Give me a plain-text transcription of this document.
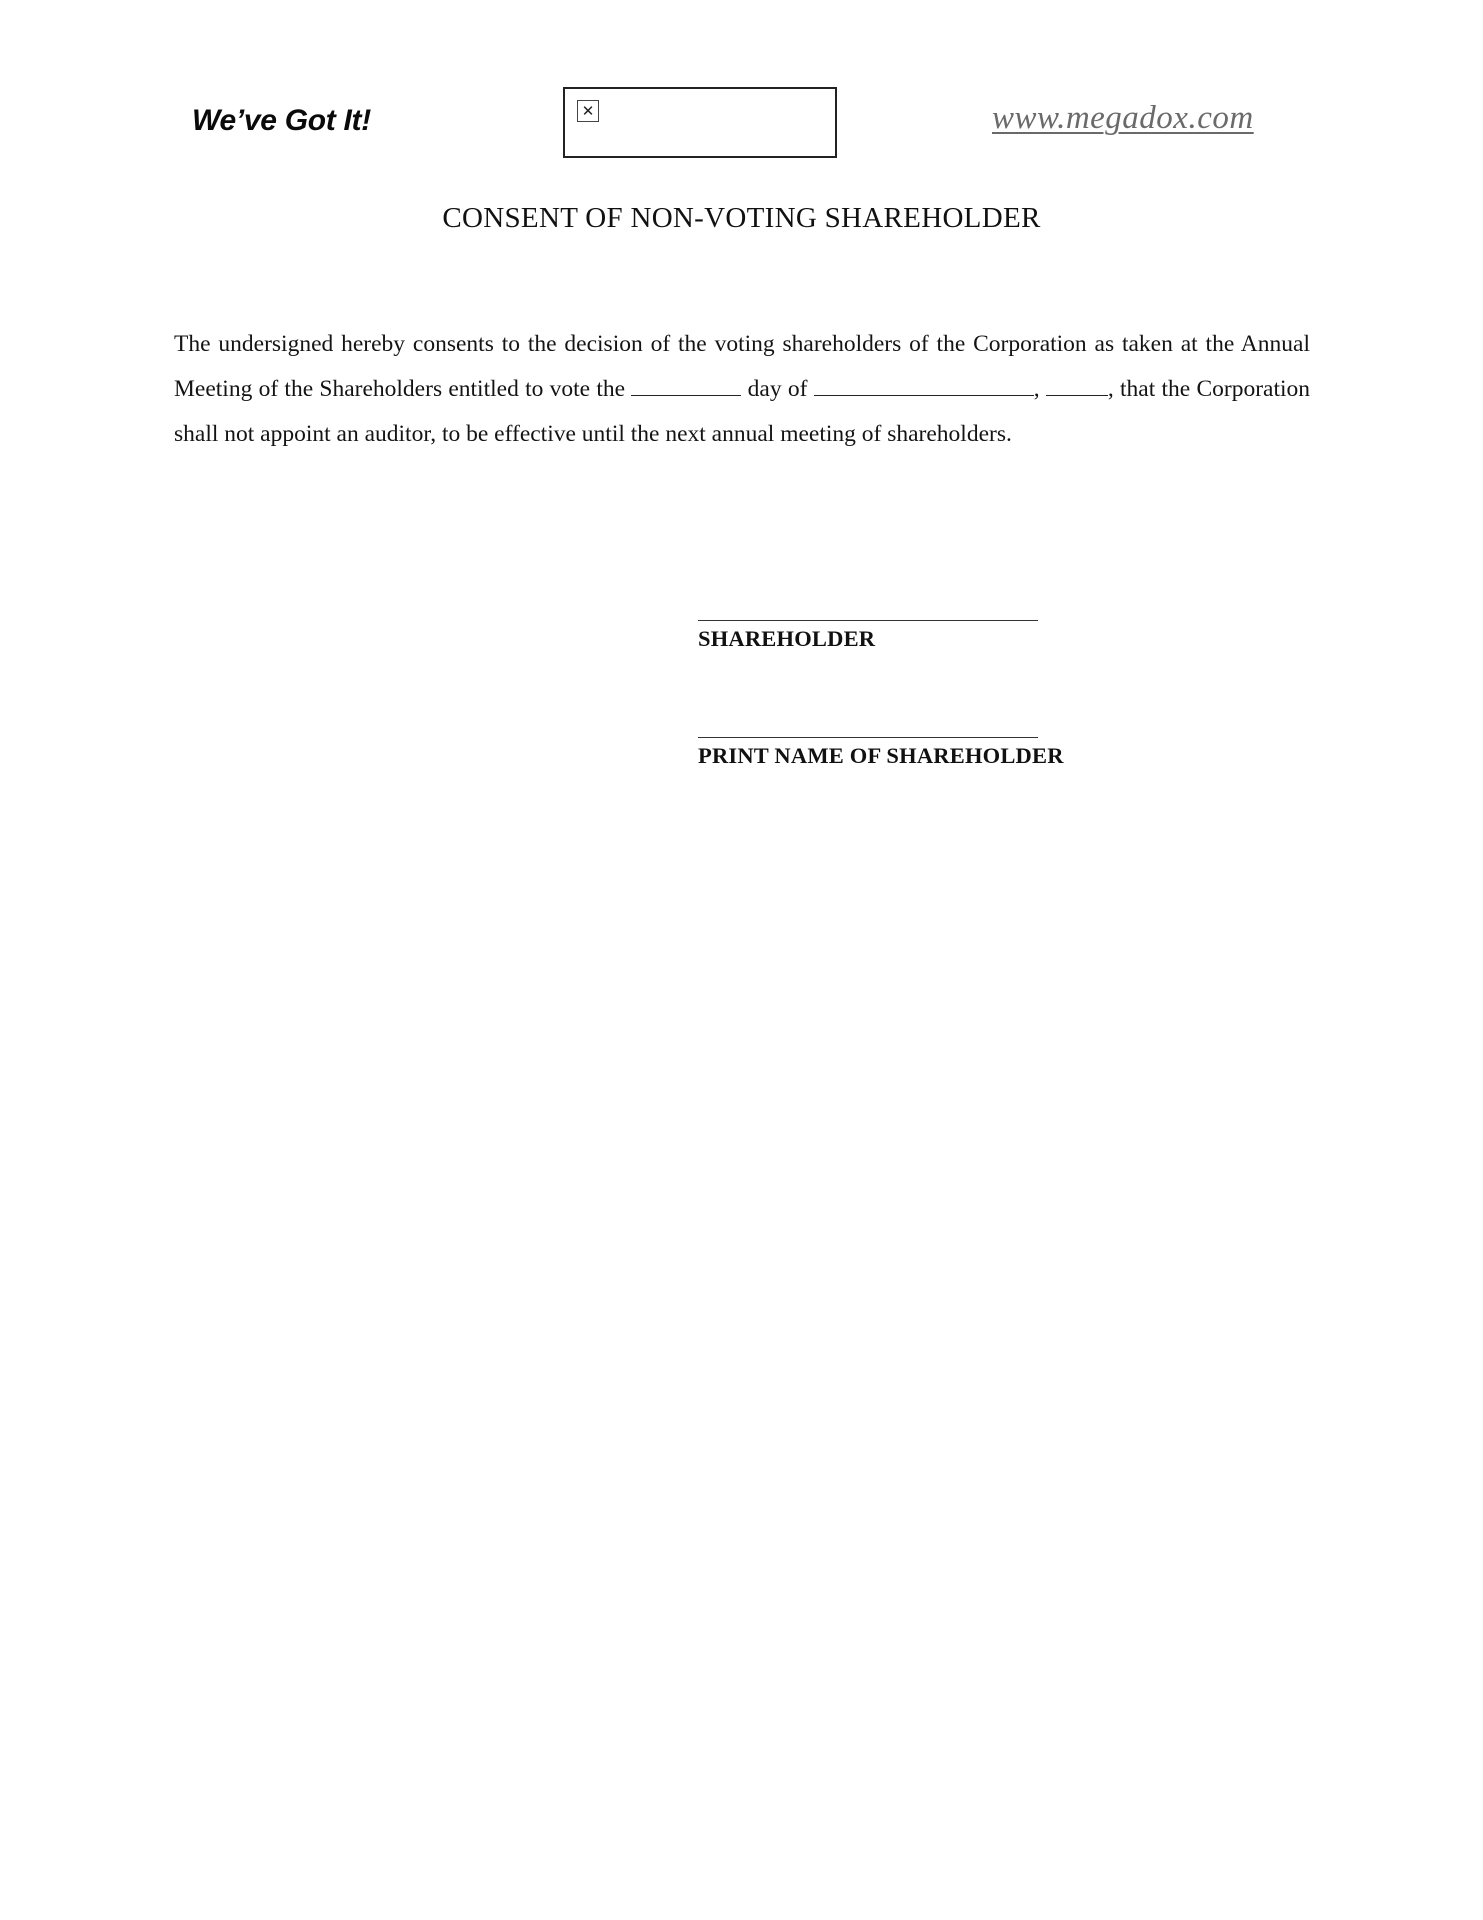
We’ve Got It!	✕	www.megadox.com
CONSENT OF NON-VOTING SHAREHOLDER
The undersigned hereby consents to the decision of the voting shareholders of the Corporation as taken at the Annual Meeting of the Shareholders entitled to vote the	day of	,	, that the Corporation shall not appoint an auditor, to be effective until the next annual meeting of shareholders.
SHAREHOLDER
PRINT NAME OF SHAREHOLDER
